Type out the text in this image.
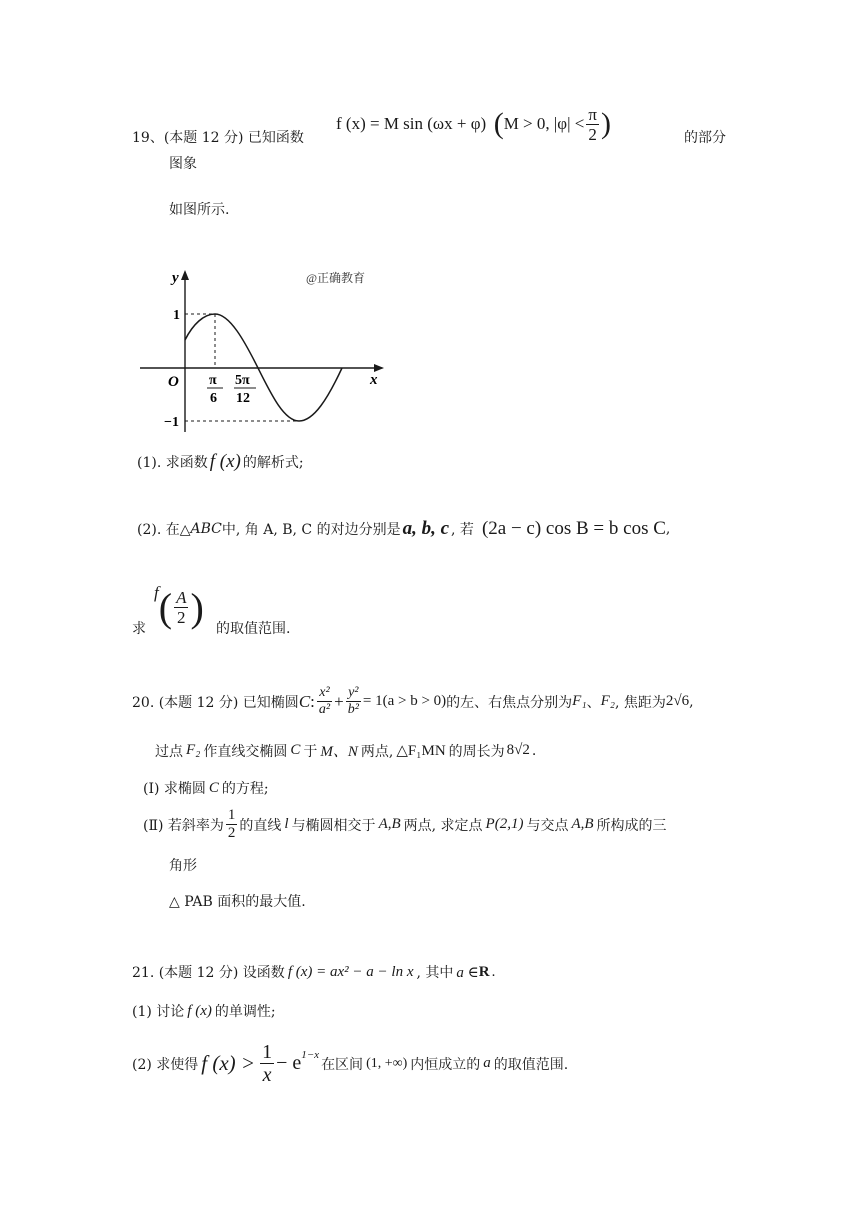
19、(本题 12 分) 已知函数
f (x) = M sin (ωx + φ) ( M > 0, $|\varphi| < \frac{\pi}{2}$ )	的部分
图象
如图所示.
y
x
O
1
−1
π
6
5π
12
@正确教育
(1). 求函数 f (x) 的解析式;
(2). 在△ ABC 中, 角 A, B, C 的对边分别是 a, b, c , 若 (2a − c) cos B = b cos C ,
求
f ( $\frac{A}{2}$ ) 的取值范围.
20. (本题 12 分) 已知椭圆 C : $\frac{\text{x²}}{\text{a²}} + \frac{\text{y²}}{\text{b²}} = 1(a > b > 0)$ 的左、右焦点分别为 F₁ 、 F₂ , 焦距为 2√6 ,
过点 F₂ 作直线交椭圆 C 于 M、N 两点, △F₁MN 的周长为 8√2 .
(Ⅰ) 求椭圆 C 的方程;
(Ⅱ) 若斜率为 $\frac{1}{2}$ 的直线 l 与椭圆相交于 A,B 两点, 求定点 P(2,1) 与交点 A,B 所构成的三
角形
△ PAB 面积的最大值.
21. (本题 12 分) 设函数 f (x) = ax² − a − ln x , 其中 a ∈ R .
(1) 讨论 f (x) 的单调性;
(2) 求使得 f $(x) > \frac{1}{x} - e$ 1−x
在区间 (1, +∞) 内恒成立的 a 的取值范围.
